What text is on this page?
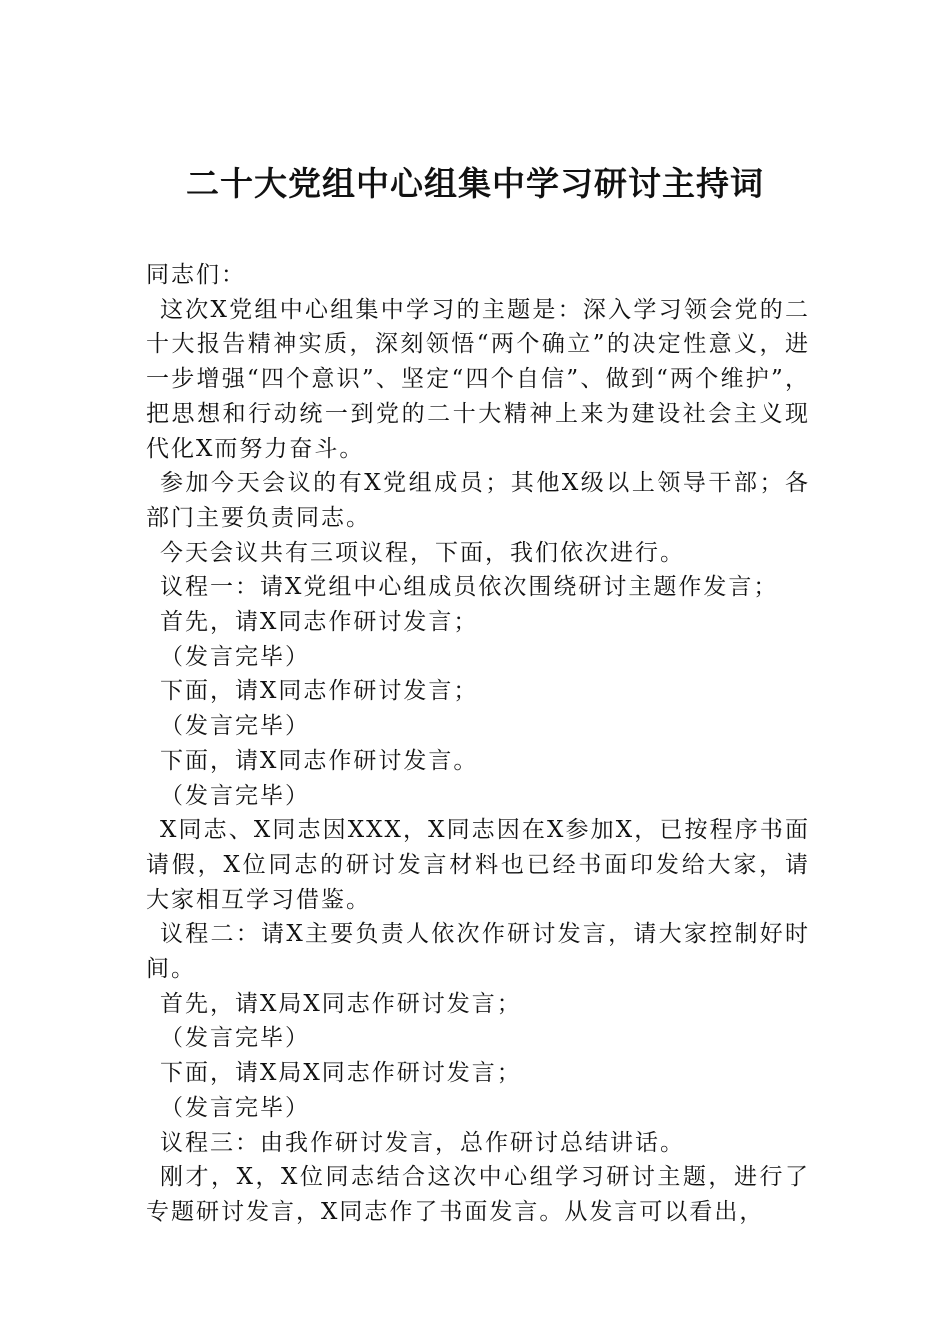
二十大党组中心组集中学习研讨主持词

同志们：

这次X党组中心组集中学习的主题是：深入学习领会党的二十大报告精神实质，深刻领悟“两个确立”的决定性意义，进一步增强“四个意识”、坚定“四个自信”、做到“两个维护”，把思想和行动统一到党的二十大精神上来为建设社会主义现代化X而努力奋斗。

参加今天会议的有X党组成员；其他X级以上领导干部；各部门主要负责同志。

今天会议共有三项议程，下面，我们依次进行。

议程一：请X党组中心组成员依次围绕研讨主题作发言；

首先，请X同志作研讨发言；

（发言完毕）

下面，请X同志作研讨发言；

（发言完毕）

下面，请X同志作研讨发言。

（发言完毕）

X同志、X同志因XXX，X同志因在X参加X，已按程序书面请假，X位同志的研讨发言材料也已经书面印发给大家，请大家相互学习借鉴。

议程二：请X主要负责人依次作研讨发言，请大家控制好时间。

首先，请X局X同志作研讨发言；

（发言完毕）

下面，请X局X同志作研讨发言；

（发言完毕）

议程三：由我作研讨发言，总作研讨总结讲话。

刚才，X，X位同志结合这次中心组学习研讨主题，进行了专题研讨发言，X同志作了书面发言。从发言可以看出，
